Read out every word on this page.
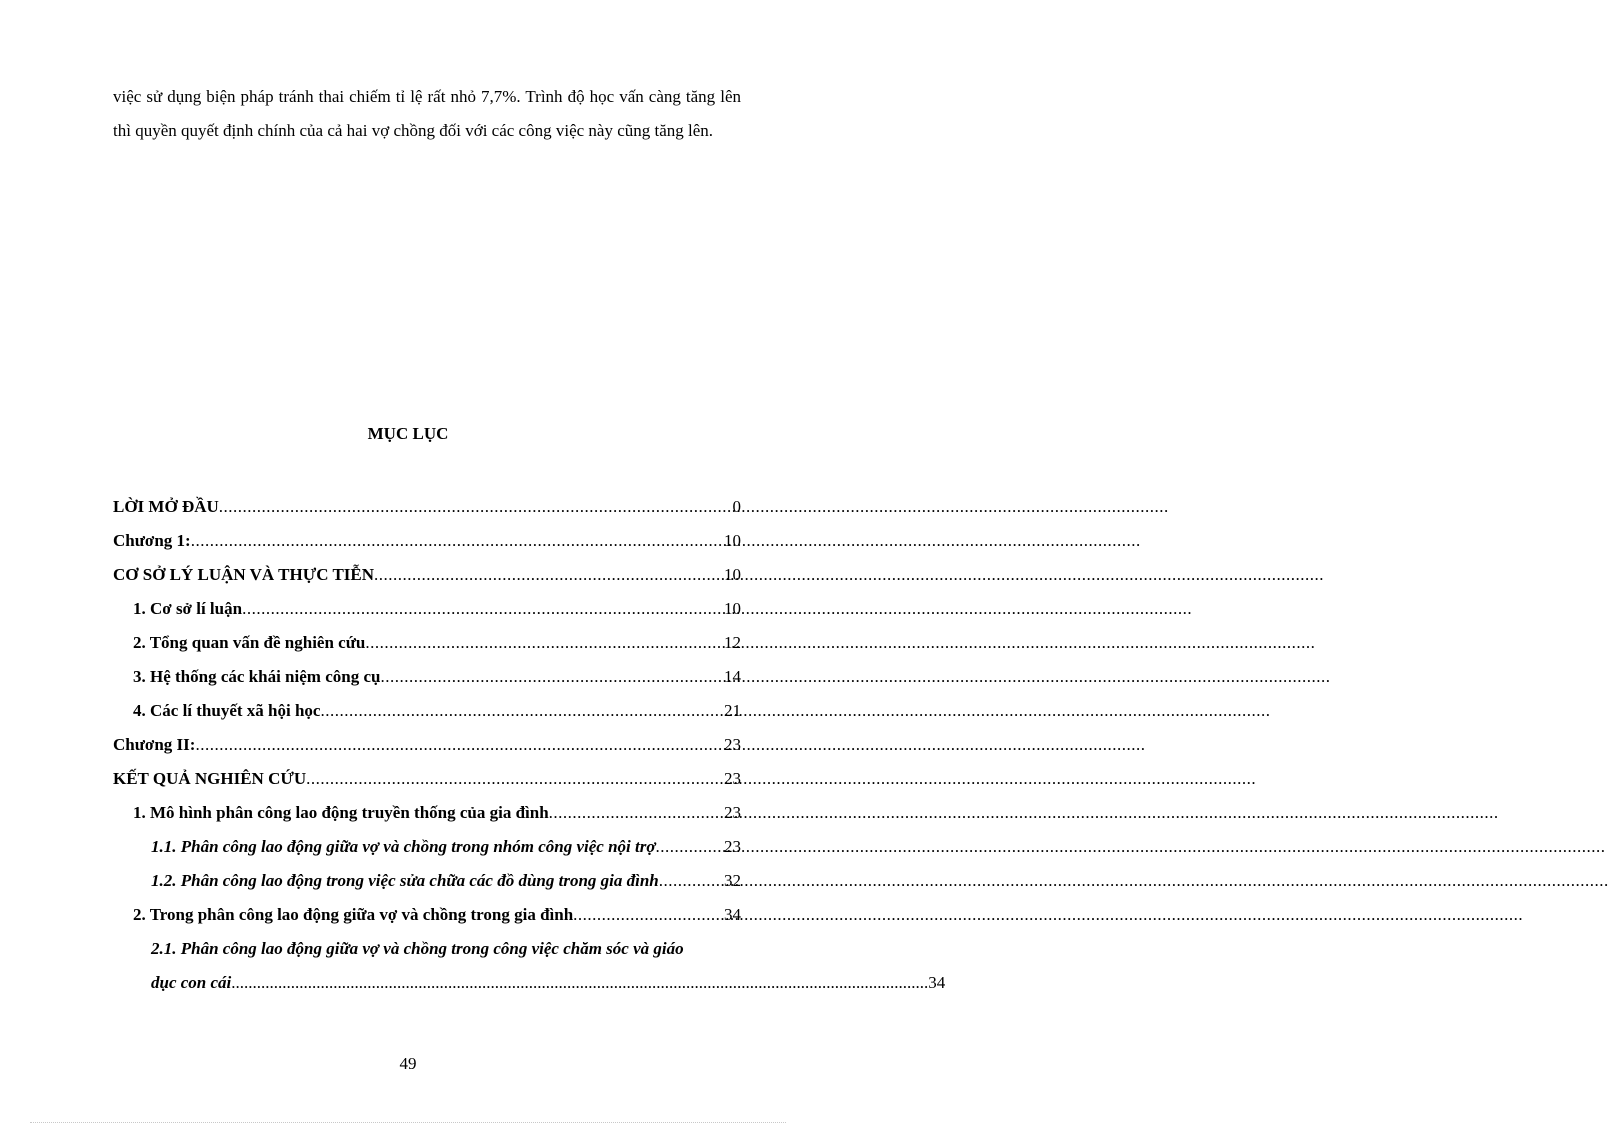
việc sử dụng biện pháp tránh thai chiếm tỉ lệ rất nhỏ 7,7%. Trình độ học vấn càng tăng lên thì quyền quyết định chính của cả hai vợ chồng đối với các công việc này cũng tăng lên.
MỤC LỤC
LỜI MỞ ĐẦU .....	0
Chương 1: .....	10
CƠ SỞ LÝ LUẬN VÀ THỰC TIỄN .....	10
1. Cơ sở lí luận .....	10
2. Tổng quan vấn đề nghiên cứu .....	12
3. Hệ thống các khái niệm công cụ .....	14
4. Các lí thuyết xã hội học .....	21
Chương II: .....	23
KẾT QUẢ NGHIÊN CỨU .....	23
1. Mô hình phân công lao động truyền thống của gia đình .....	23
1.1. Phân công lao động giữa vợ và chồng trong nhóm công việc nội trợ .....	23
1.2. Phân công lao động trong việc sửa chữa các đồ dùng trong gia đình .....	32
2. Trong phân công lao động giữa vợ và chồng trong gia đình .....	34
2.1. Phân công lao động giữa vợ và chồng trong công việc chăm sóc và giáo
dục con cái .................................................................................................................................................................... 34
49
